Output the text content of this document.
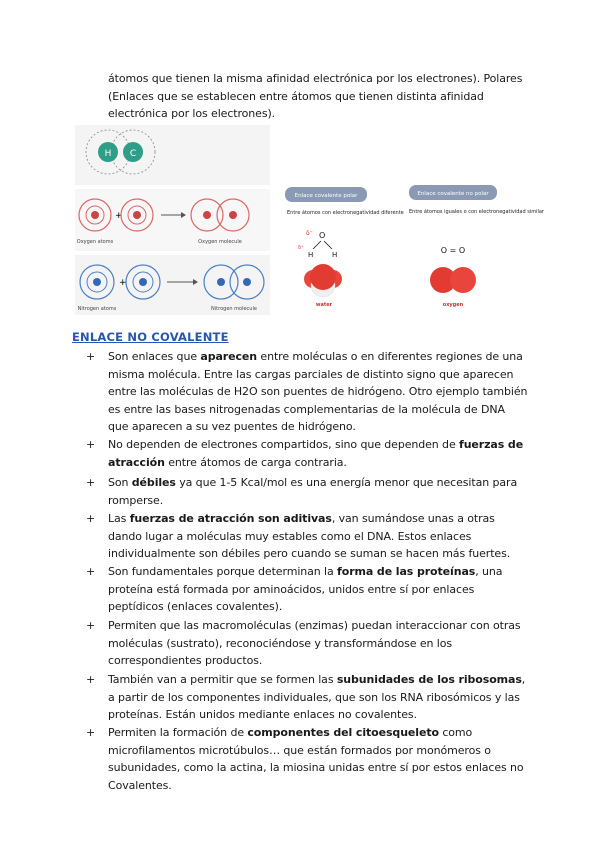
átomos que tienen la misma afinidad electrónica por los electrones). Polares (Enlaces que se establecen entre átomos que tienen distinta afinidad electrónica por los electrones).
H C
+
Oxygen atoms	Oxygen molecule
+
Nitrogen atoms	Nitrogen molecule
Enlace covalente polar
Entre átomos con electronegatividad diferente
δ⁻ O
H	H
δ⁺
water
Enlace covalente no polar
Entre átomos iguales o con electronegatividad similar
O = O
oxygen
ENLACE NO COVALENTE
+	Son enlaces que aparecen entre moléculas o en diferentes regiones de una misma molécula. Entre las cargas parciales de distinto signo que aparecen entre las moléculas de H2O son puentes de hidrógeno. Otro ejemplo también es entre las bases nitrogenadas complementarias de la molécula de DNA que aparecen a su vez puentes de hidrógeno.
+	No dependen de electrones compartidos, sino que dependen de fuerzas de atracción entre átomos de carga contraria.
+	Son débiles ya que 1-5 Kcal/mol es una energía menor que necesitan para romperse.
+	Las fuerzas de atracción son aditivas, van sumándose unas a otras dando lugar a moléculas muy estables como el DNA. Estos enlaces individualmente son débiles pero cuando se suman se hacen más fuertes.
+	Son fundamentales porque determinan la forma de las proteínas, una proteína está formada por aminoácidos, unidos entre sí por enlaces peptídicos (enlaces covalentes).
+	Permiten que las macromoléculas (enzimas) puedan interaccionar con otras moléculas (sustrato), reconociéndose y transformándose en los correspondientes productos.
+	También van a permitir que se formen las subunidades de los ribosomas, a partir de los componentes individuales, que son los RNA ribosómicos y las proteínas. Están unidos mediante enlaces no covalentes.
+	Permiten la formación de componentes del citoesqueleto como microfilamentos microtúbulos… que están formados por monómeros o subunidades, como la actina, la miosina unidas entre sí por estos enlaces no Covalentes.
